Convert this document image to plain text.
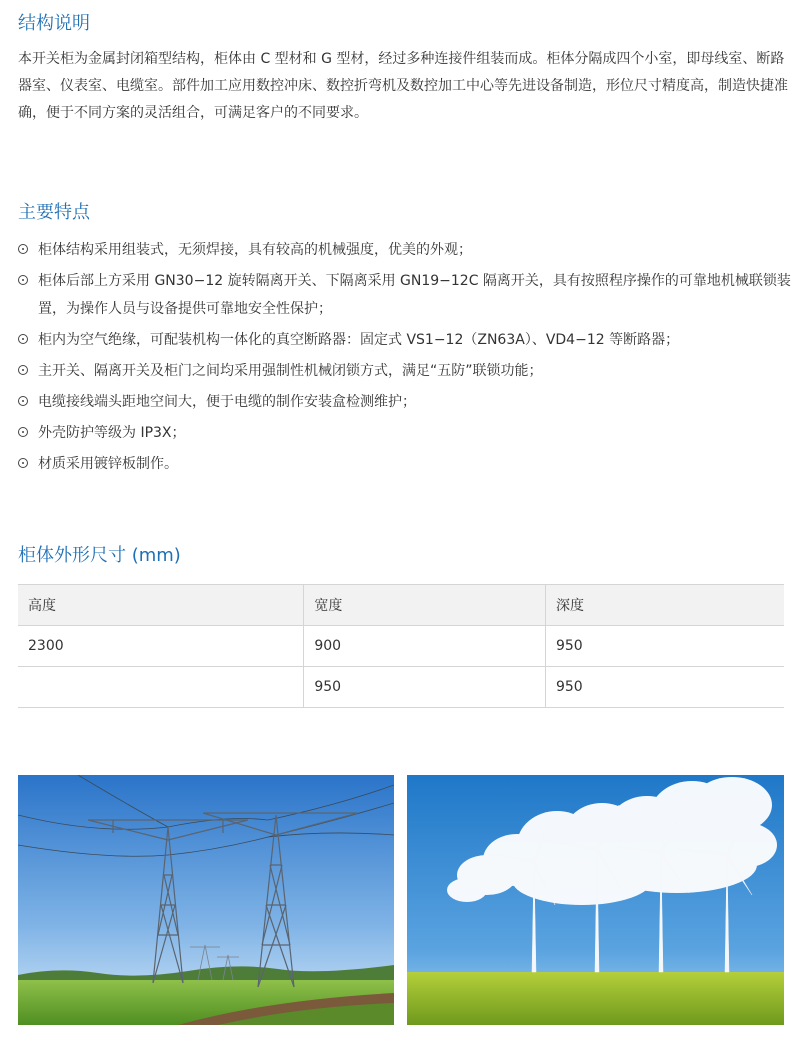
结构说明

本开关柜为金属封闭箱型结构，柜体由 C 型材和 G 型材，经过多种连接件组装而成。柜体分隔成四个小室，即母线室、断路器室、仪表室、电缆室。部件加工应用数控冲床、数控折弯机及数控加工中心等先进设备制造，形位尺寸精度高，制造快捷准确，便于不同方案的灵活组合，可满足客户的不同要求。

主要特点
柜体结构采用组装式，无须焊接，具有较高的机械强度，优美的外观；
柜体后部上方采用 GN30−12 旋转隔离开关、下隔离采用 GN19−12C 隔离开关，具有按照程序操作的可靠地机械联锁装置，为操作人员与设备提供可靠地安全性保护；
柜内为空气绝缘，可配装机构一体化的真空断路器：固定式 VS1−12（ZN63A）、VD4−12 等断路器；
主开关、隔离开关及柜门之间均采用强制性机械闭锁方式，满足“五防”联锁功能；
电缆接线端头距地空间大，便于电缆的制作安装盒检测维护；
外壳防护等级为 IP3X；
材质采用镀锌板制作。
柜体外形尺寸 (mm)
高度	宽度	深度
2300	900	950
	950	950
